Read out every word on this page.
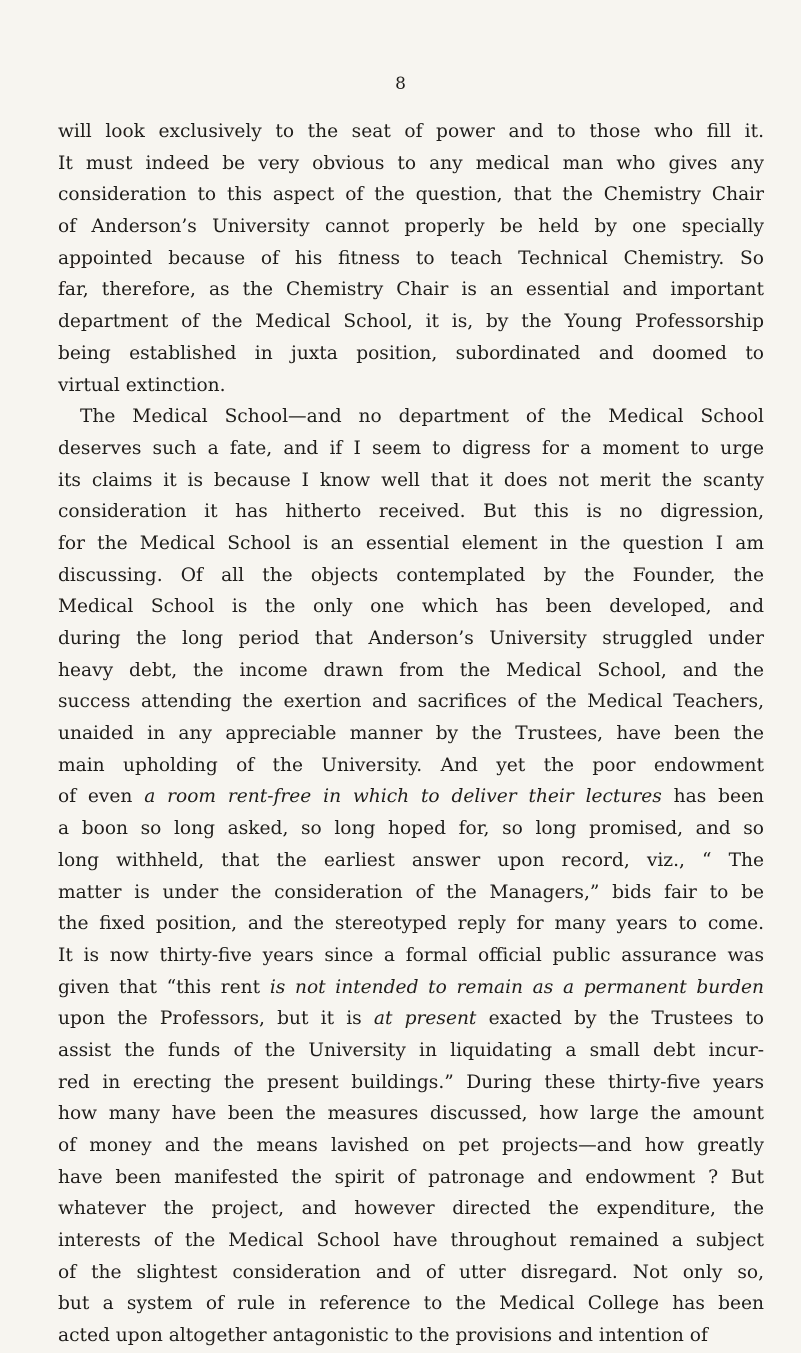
8
will look exclusively to the seat of power and to those who fill it.
It must indeed be very obvious to any medical man who gives any
consideration to this aspect of the question, that the Chemistry Chair
of Anderson’s University cannot properly be held by one specially
appointed because of his fitness to teach Technical Chemistry. So
far, therefore, as the Chemistry Chair is an essential and important
department of the Medical School, it is, by the Young Professorship
being established in juxta position, subordinated and doomed to
virtual extinction.
The Medical School—and no department of the Medical School
deserves such a fate, and if I seem to digress for a moment to urge
its claims it is because I know well that it does not merit the scanty
consideration it has hitherto received. But this is no digression,
for the Medical School is an essential element in the question I am
discussing. Of all the objects contemplated by the Founder, the
Medical School is the only one which has been developed, and
during the long period that Anderson’s University struggled under
heavy debt, the income drawn from the Medical School, and the
success attending the exertion and sacrifices of the Medical Teachers,
unaided in any appreciable manner by the Trustees, have been the
main upholding of the University. And yet the poor endowment
of even a room rent-free in which to deliver their lectures has been
a boon so long asked, so long hoped for, so long promised, and so
long withheld, that the earliest answer upon record, viz., “ The
matter is under the consideration of the Managers,” bids fair to be
the fixed position, and the stereotyped reply for many years to come.
It is now thirty-five years since a formal official public assurance was
given that “this rent is not intended to remain as a permanent burden
upon the Professors, but it is at present exacted by the Trustees to
assist the funds of the University in liquidating a small debt incur-
red in erecting the present buildings.” During these thirty-five years
how many have been the measures discussed, how large the amount
of money and the means lavished on pet projects—and how greatly
have been manifested the spirit of patronage and endowment ? But
whatever the project, and however directed the expenditure, the
interests of the Medical School have throughout remained a subject
of the slightest consideration and of utter disregard. Not only so,
but a system of rule in reference to the Medical College has been
acted upon altogether antagonistic to the provisions and intention of
